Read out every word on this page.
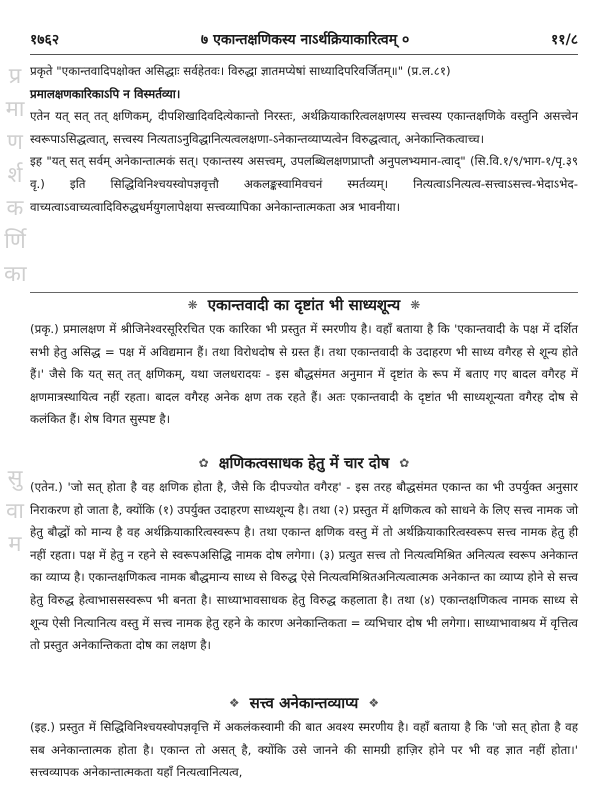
१७६२	७ एकान्तक्षणिकस्य नाऽर्थक्रियाकारित्वम् ०	११/८
प्र
मा
ण
र्श
क
र्णि
का
सु
वा
म

प्रकृते "एकान्तवादिपक्षोक्त असिद्धाः सर्वहेतवः। विरुद्धा ज्ञातमप्येषां साध्यादिपरिवर्जितम्॥" (प्र.ल.८१)

प्रमालक्षणकारिकाऽपि न विस्मर्तव्या।

एतेन यत् सत् तत् क्षणिकम्, दीपशिखादिवदित्येकान्तो निरस्तः, अर्थक्रियाकारित्वलक्षणस्य सत्त्वस्य एकान्तक्षणिके वस्तुनि असत्त्वेन स्वरूपाऽसिद्धत्वात्, सत्त्वस्य नित्यताऽनुविद्धानित्यत्वलक्षणा-ऽनेकान्तव्याप्यत्वेन विरुद्धत्वात्, अनेकान्तिकत्वाच्च।

इह "यत् सत् सर्वम् अनेकान्तात्मकं सत्। एकान्तस्य असत्त्वम्, उपलब्धिलक्षणप्राप्तौ अनुपलभ्यमान-त्वाद्" (सि.वि.१/९/भाग-१/पृ.३९ वृ.) इति सिद्धिविनिश्चयस्वोपज्ञवृत्तौ अकलङ्कस्वामिवचनं स्मर्तव्यम्। नित्यत्वाऽनित्यत्व-सत्त्वाऽसत्त्व-भेदाऽभेद-वाच्यत्वाऽवाच्यत्वादिविरुद्धधर्मयुगलापेक्षया सत्त्वव्यापिका अनेकान्तात्मकता अत्र भावनीया।

❋ एकान्तवादी का दृष्टांत भी साध्यशून्य ❋

(प्रकृ.) प्रमालक्षण में श्रीजिनेश्वरसूरिरचित एक कारिका भी प्रस्तुत में स्मरणीय है। वहाँ बताया है कि 'एकान्तवादी के पक्ष में दर्शित सभी हेतु असिद्ध = पक्ष में अविद्यमान हैं। तथा विरोधदोष से ग्रस्त हैं। तथा एकान्तवादी के उदाहरण भी साध्य वगैरह से शून्य होते हैं।' जैसे कि यत् सत् तत् क्षणिकम्, यथा जलधरादयः - इस बौद्धसंमत अनुमान में दृष्टांत के रूप में बताए गए बादल वगैरह में क्षणमात्रस्थायित्व नहीं रहता। बादल वगैरह अनेक क्षण तक रहते हैं। अतः एकान्तवादी के दृष्टांत भी साध्यशून्यता वगैरह दोष से कलंकित हैं। शेष विगत सुस्पष्ट है।

✿ क्षणिकत्वसाधक हेतु में चार दोष ✿

(एतेन.) 'जो सत् होता है वह क्षणिक होता है, जैसे कि दीपज्योत वगैरह' - इस तरह बौद्धसंमत एकान्त का भी उपर्युक्त अनुसार निराकरण हो जाता है, क्योंकि (१) उपर्युक्त उदाहरण साध्यशून्य है। तथा (२) प्रस्तुत में क्षणिकत्व को साधने के लिए सत्त्व नामक जो हेतु बौद्धों को मान्य है वह अर्थक्रियाकारित्वस्वरूप है। तथा एकान्त क्षणिक वस्तु में तो अर्थक्रियाकारित्वस्वरूप सत्त्व नामक हेतु ही नहीं रहता। पक्ष में हेतु न रहने से स्वरूपअसिद्धि नामक दोष लगेगा। (३) प्रत्युत सत्त्व तो नित्यत्वमिश्रित अनित्यत्व स्वरूप अनेकान्त का व्याप्य है। एकान्तक्षणिकत्व नामक बौद्धमान्य साध्य से विरुद्ध ऐसे नित्यत्वमिश्रितअनित्यत्वात्मक अनेकान्त का व्याप्य होने से सत्त्व हेतु विरुद्ध हेत्वाभाससस्वरूप भी बनता है। साध्याभावसाधक हेतु विरुद्ध कहलाता है। तथा (४) एकान्तक्षणिकत्व नामक साध्य से शून्य ऐसी नित्यानित्य वस्तु में सत्त्व नामक हेतु रहने के कारण अनेकान्तिकता = व्यभिचार दोष भी लगेगा। साध्याभावाश्रय में वृत्तित्व तो प्रस्तुत अनेकान्तिकता दोष का लक्षण है।

❖ सत्त्व अनेकान्तव्याप्य ❖

(इह.) प्रस्तुत में सिद्धिविनिश्चयस्वोपज्ञवृत्ति में अकलंकस्वामी की बात अवश्य स्मरणीय है। वहाँ बताया है कि 'जो सत् होता है वह सब अनेकान्तात्मक होता है। एकान्त तो असत् है, क्योंकि उसे जानने की सामग्री हाज़िर होने पर भी वह ज्ञात नहीं होता।' सत्त्वव्यापक अनेकान्तात्मकता यहाँ नित्यत्वानित्यत्व,
